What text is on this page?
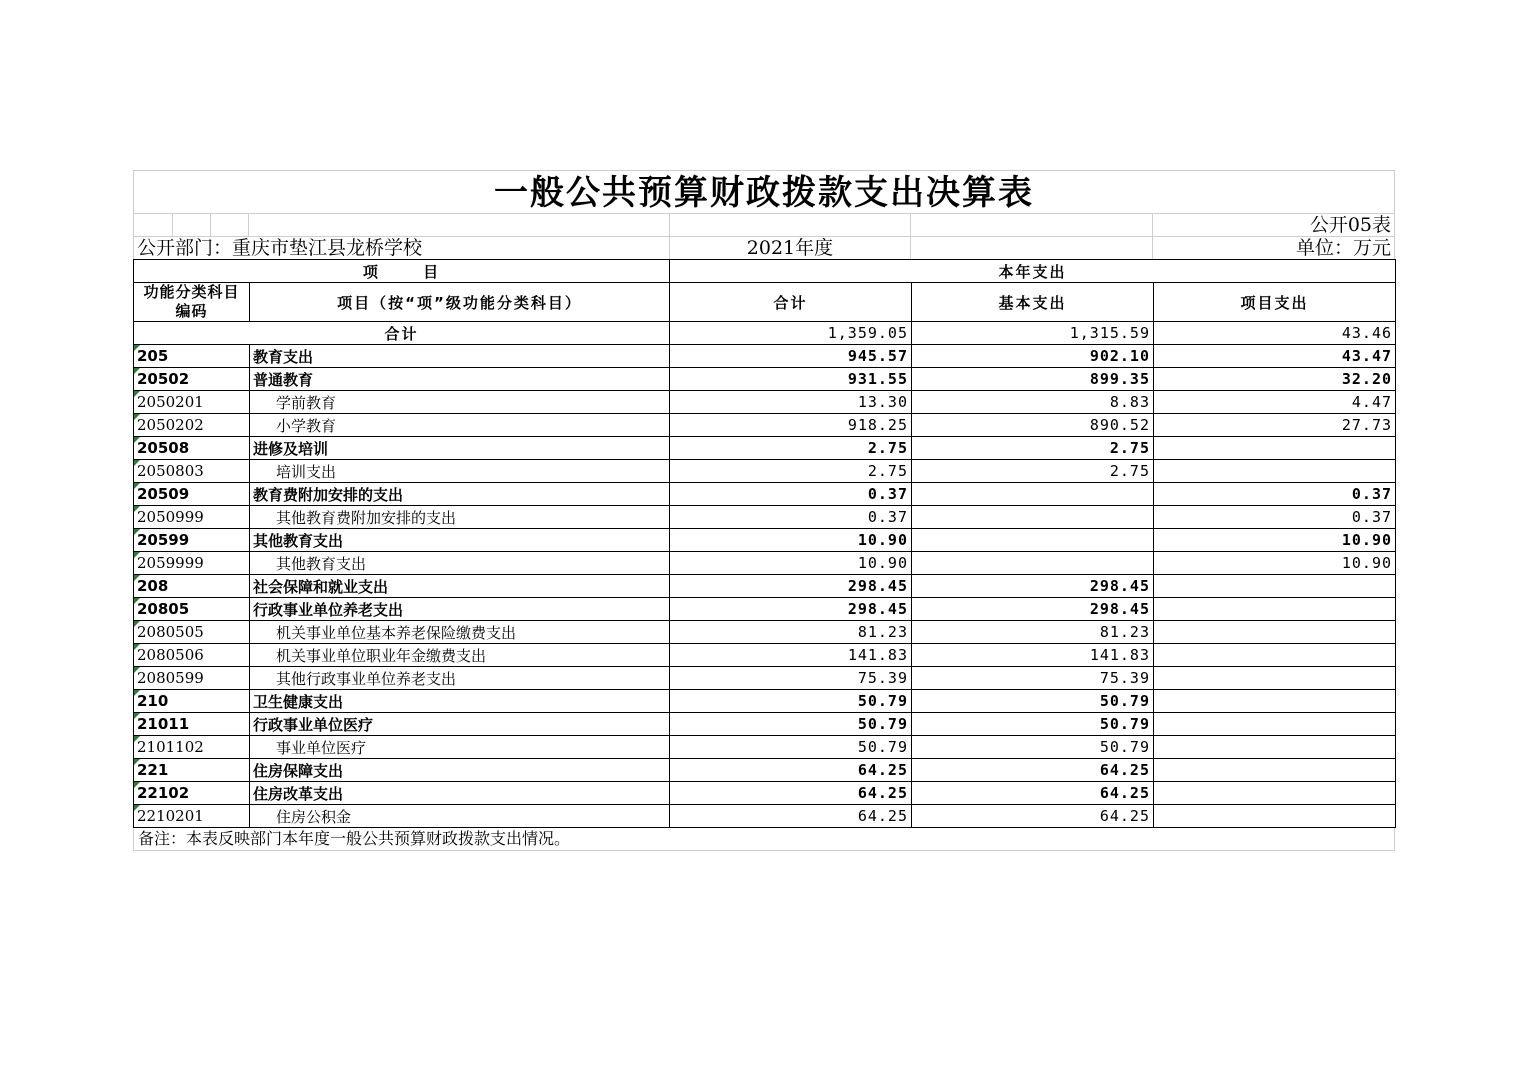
一般公共预算财政拨款支出决算表
公开05表
公开部门：重庆市垫江县龙桥学校	2021年度	单位：万元
项      目		本年支出		
功能分类科目编码	项目（按“项”级功能分类科目）	合计	基本支出	项目支出
合计		1,359.05	1,315.59	43.46

205	教育支出	945.57	902.10	43.47

20502	普通教育	931.55	899.35	32.20

2050201	学前教育	13.30	8.83	4.47

2050202	小学教育	918.25	890.52	27.73

20508	进修及培训	2.75	2.75	

2050803	培训支出	2.75	2.75	

20509	教育费附加安排的支出	0.37		0.37

2050999	其他教育费附加安排的支出	0.37		0.37

20599	其他教育支出	10.90		10.90

2059999	其他教育支出	10.90		10.90

208	社会保障和就业支出	298.45	298.45	

20805	行政事业单位养老支出	298.45	298.45	

2080505	机关事业单位基本养老保险缴费支出	81.23	81.23	

2080506	机关事业单位职业年金缴费支出	141.83	141.83	

2080599	其他行政事业单位养老支出	75.39	75.39	

210	卫生健康支出	50.79	50.79	

21011	行政事业单位医疗	50.79	50.79	

2101102	事业单位医疗	50.79	50.79	

221	住房保障支出	64.25	64.25	

22102	住房改革支出	64.25	64.25	

2210201	住房公积金	64.25	64.25	
备注：本表反映部门本年度一般公共预算财政拨款支出情况。
